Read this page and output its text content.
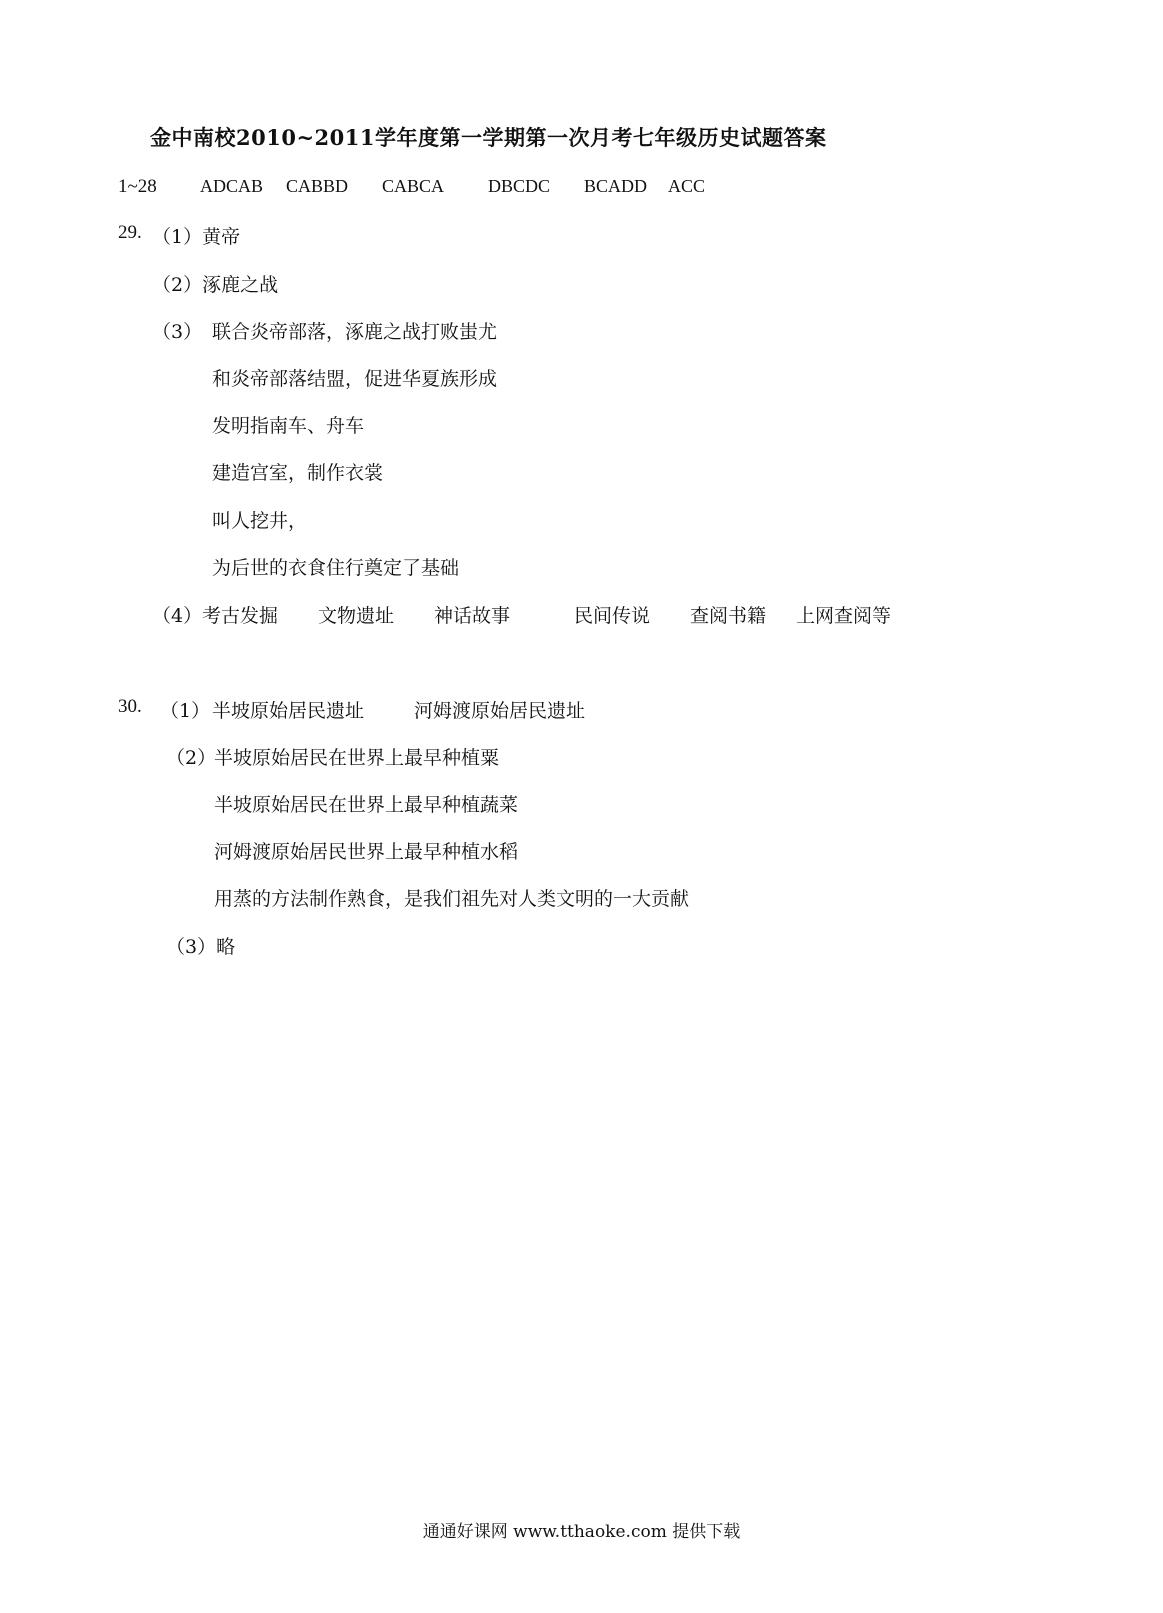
金中南校2010~2011学年度第一学期第一次月考七年级历史试题答案
1~28 ADCAB CABBD CABCA DBCDC BCADD ACC
29. （1）黄帝
（2）涿鹿之战
（3） 联合炎帝部落，涿鹿之战打败蚩尤
和炎帝部落结盟，促进华夏族形成
发明指南车、舟车
建造宫室，制作衣裳
叫人挖井，
为后世的衣食住行奠定了基础
（4） 考古发掘 文物遗址 神话故事	民间传说 查阅书籍 上网查阅等
30. （1） 半坡原始居民遗址	河姆渡原始居民遗址
（2）
半坡原始居民在世界上最早种植粟
半坡原始居民在世界上最早种植蔬菜
河姆渡原始居民世界上最早种植水稻
用蒸的方法制作熟食，是我们祖先对人类文明的一大贡献
（3）略
通通好课网 www.tthaoke.com 提供下载
